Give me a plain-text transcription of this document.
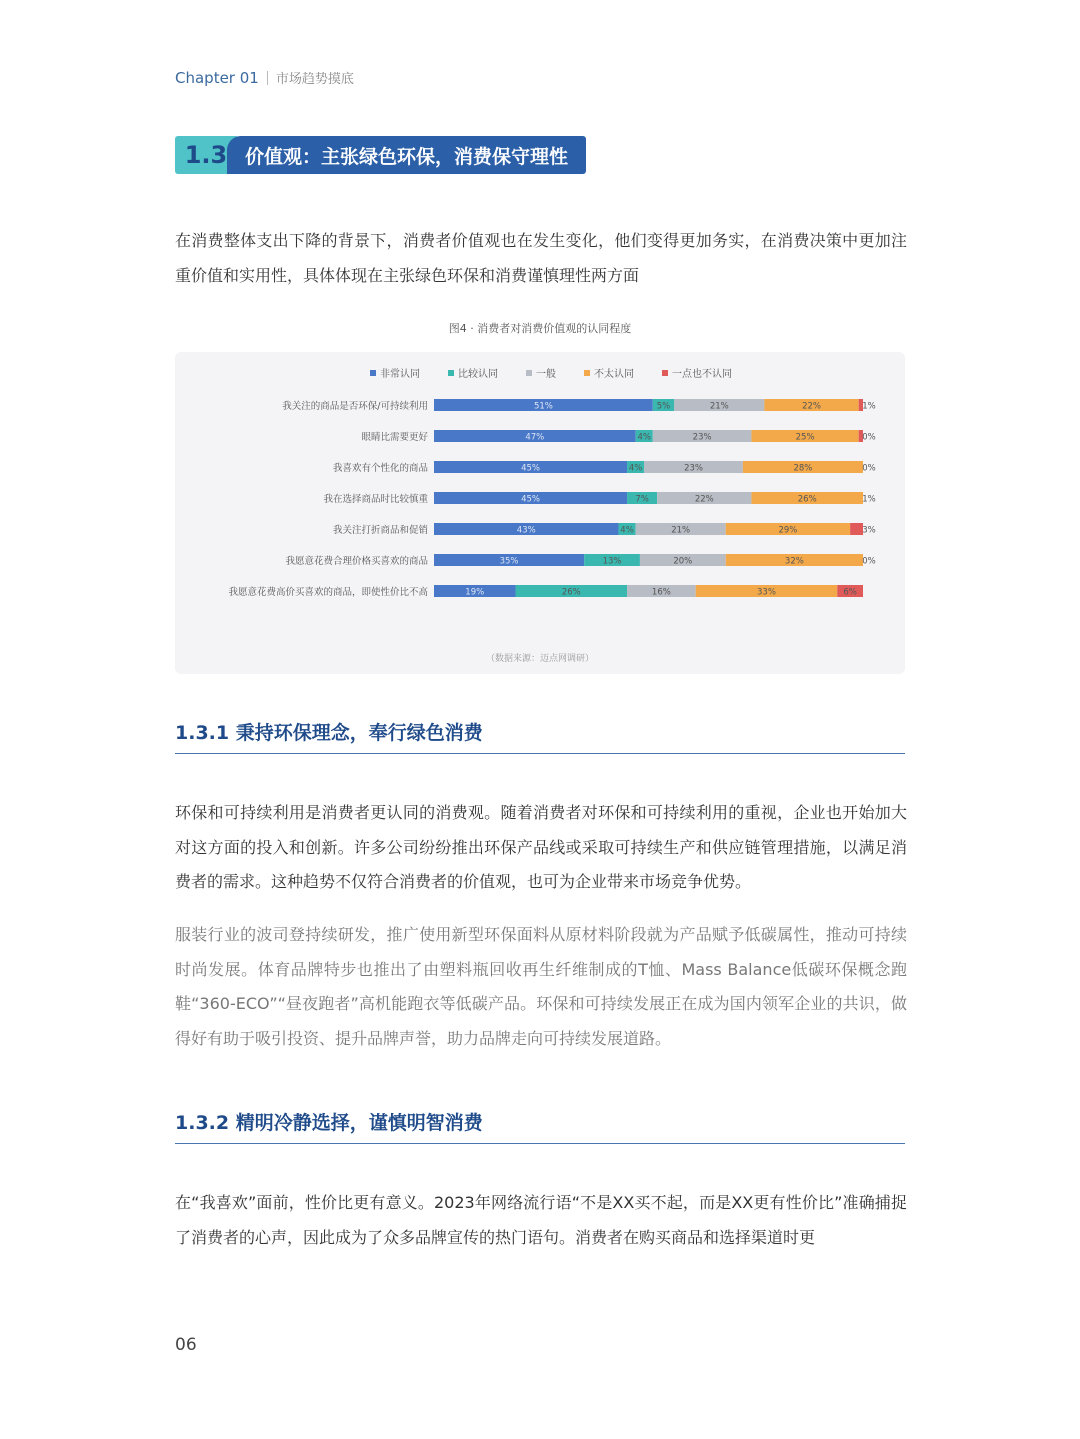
Chapter 01 市场趋势摸底
1.3 价值观：主张绿色环保，消费保守理性
在消费整体支出下降的背景下，消费者价值观也在发生变化，他们变得更加务实，在消费决策中更加注重价值和实用性，具体体现在主张绿色环保和消费谨慎理性两方面
图4 · 消费者对消费价值观的认同程度
非常认同	比较认同	一般	不太认同	一点也不认同
我关注的商品是否环保/可持续利用	51%	5%	21%	22%	1%
眼睛比需要更好	47%	4%	23%	25%	0%
我喜欢有个性化的商品	45%	4%	23%	28%	0%
我在选择商品时比较慎重	45%	7%	22%	26%	1%
我关注打折商品和促销	43%	4%	21%	29%	3%
我愿意花费合理价格买喜欢的商品	35%	13%	20%	32%	0%
我愿意花费高价买喜欢的商品，即使性价比不高	19%	26%	16%	33%	6%
（数据来源：迈点网调研）
1.3.1 秉持环保理念，奉行绿色消费
环保和可持续利用是消费者更认同的消费观。随着消费者对环保和可持续利用的重视，企业也开始加大对这方面的投入和创新。许多公司纷纷推出环保产品线或采取可持续生产和供应链管理措施，以满足消费者的需求。这种趋势不仅符合消费者的价值观，也可为企业带来市场竞争优势。
服装行业的波司登持续研发，推广使用新型环保面料从原材料阶段就为产品赋予低碳属性，推动可持续时尚发展。体育品牌特步也推出了由塑料瓶回收再生纤维制成的T恤、Mass Balance低碳环保概念跑鞋“360-ECO”“昼夜跑者”高机能跑衣等低碳产品。环保和可持续发展正在成为国内领军企业的共识，做得好有助于吸引投资、提升品牌声誉，助力品牌走向可持续发展道路。
1.3.2 精明冷静选择，谨慎明智消费
在“我喜欢”面前，性价比更有意义。2023年网络流行语“不是XX买不起，而是XX更有性价比”准确捕捉了消费者的心声，因此成为了众多品牌宣传的热门语句。消费者在购买商品和选择渠道时更
06
